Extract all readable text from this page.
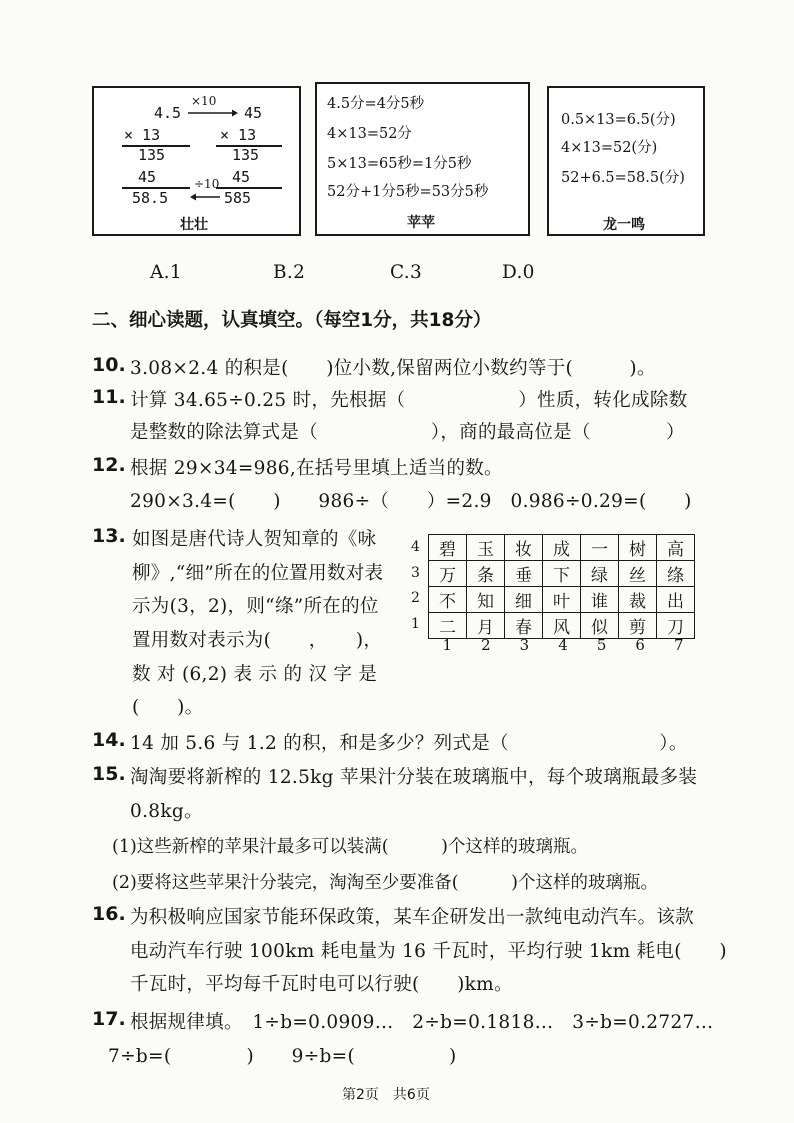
4.5
×10
45
× 13	× 13
135	135
45	45
58.5
÷10
585
壮壮
4.5分=4分5秒
4×13=52分
5×13=65秒=1分5秒
52分+1分5秒=53分5秒
苹苹
0.5×13=6.5(分)
4×13=52(分)
52+6.5=58.5(分)
龙一鸣
A.1	B.2	C.3	D.0
二、细心读题，认真填空。（每空1分，共18分）
10. 3.08×2.4 的积是(　　)位小数,保留两位小数约等于(　　　)。
11. 计算 34.65÷0.25 时，先根据（　　　　　　）性质，转化成除数
是整数的除法算式是（　　　　　　），商的最高位是（　　　　）
12. 根据 29×34=986,在括号里填上适当的数。
290×3.4=(　　)　　986÷（　　）=2.9　0.986÷0.29=(　　)
13. 如图是唐代诗人贺知章的《咏
柳》,“细”所在的位置用数对表
示为(3，2)，则“绦”所在的位
置用数对表示为(　　，　　)，
数 对 (6,2) 表 示 的 汉 字 是
(　　)。
4
3
2
1
碧	玉	妆	成	一	树	高
万	条	垂	下	绿	丝	绦
不	知	细	叶	谁	裁	出
二	月	春	风	似	剪	刀
1	2	3	4	5	6	7
14. 14 加 5.6 与 1.2 的积，和是多少？列式是（　　　　　　　　）。
15. 淘淘要将新榨的 12.5kg 苹果汁分装在玻璃瓶中，每个玻璃瓶最多装
0.8kg。
(1)这些新榨的苹果汁最多可以装满(　　　)个这样的玻璃瓶。
(2)要将这些苹果汁分装完，淘淘至少要准备(　　　)个这样的玻璃瓶。
16. 为积极响应国家节能环保政策，某车企研发出一款纯电动汽车。该款
电动汽车行驶 100km 耗电量为 16 千瓦时，平均行驶 1km 耗电(　　)
千瓦时，平均每千瓦时电可以行驶(　　)km。
17. 根据规律填。　1÷b=0.0909…　2÷b=0.1818…　3÷b=0.2727…
7÷b=(　　　　)　　9÷b=(　　　　　)
第2页　共6页
